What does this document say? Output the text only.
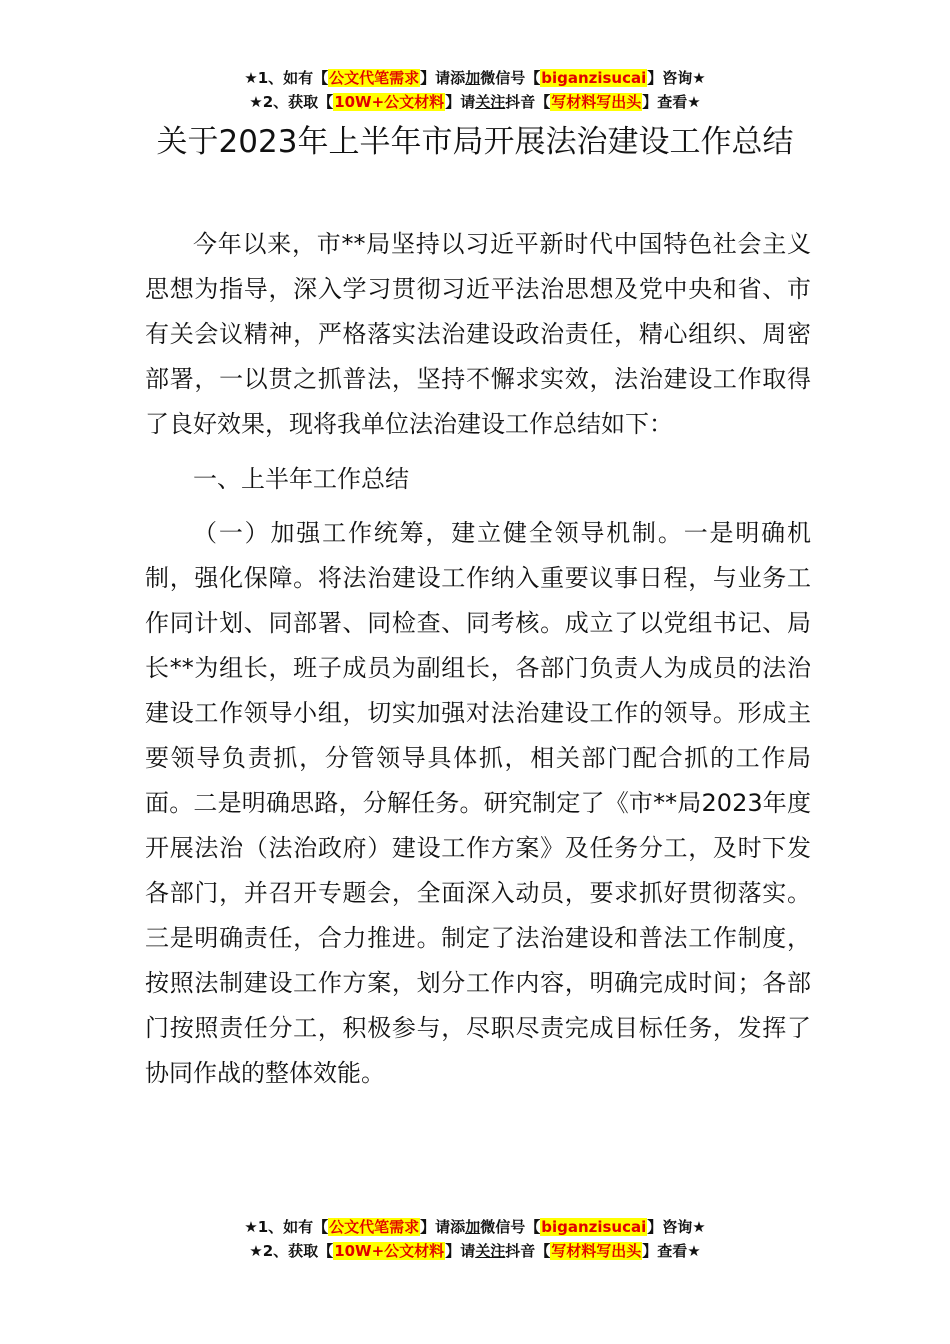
★1、如有【公文代笔需求】请添加微信号【biganzisucai】咨询★
★2、获取【10W+公文材料】请关注抖音【写材料写出头】查看★
关于2023年上半年市局开展法治建设工作总结

今年以来，市**局坚持以习近平新时代中国特色社会主义思想为指导，深入学习贯彻习近平法治思想及党中央和省、市有关会议精神，严格落实法治建设政治责任，精心组织、周密部署，一以贯之抓普法，坚持不懈求实效，法治建设工作取得了良好效果，现将我单位法治建设工作总结如下：

一、上半年工作总结

（一）加强工作统筹，建立健全领导机制。一是明确机制，强化保障。将法治建设工作纳入重要议事日程，与业务工作同计划、同部署、同检查、同考核。成立了以党组书记、局长**为组长，班子成员为副组长，各部门负责人为成员的法治建设工作领导小组，切实加强对法治建设工作的领导。形成主要领导负责抓，分管领导具体抓，相关部门配合抓的工作局面。二是明确思路，分解任务。研究制定了《市**局2023年度开展法治（法治政府）建设工作方案》及任务分工，及时下发各部门，并召开专题会，全面深入动员，要求抓好贯彻落实。三是明确责任，合力推进。制定了法治建设和普法工作制度，按照法制建设工作方案，划分工作内容，明确完成时间；各部门按照责任分工，积极参与，尽职尽责完成目标任务，发挥了协同作战的整体效能。

★1、如有【公文代笔需求】请添加微信号【biganzisucai】咨询★
★2、获取【10W+公文材料】请关注抖音【写材料写出头】查看★
